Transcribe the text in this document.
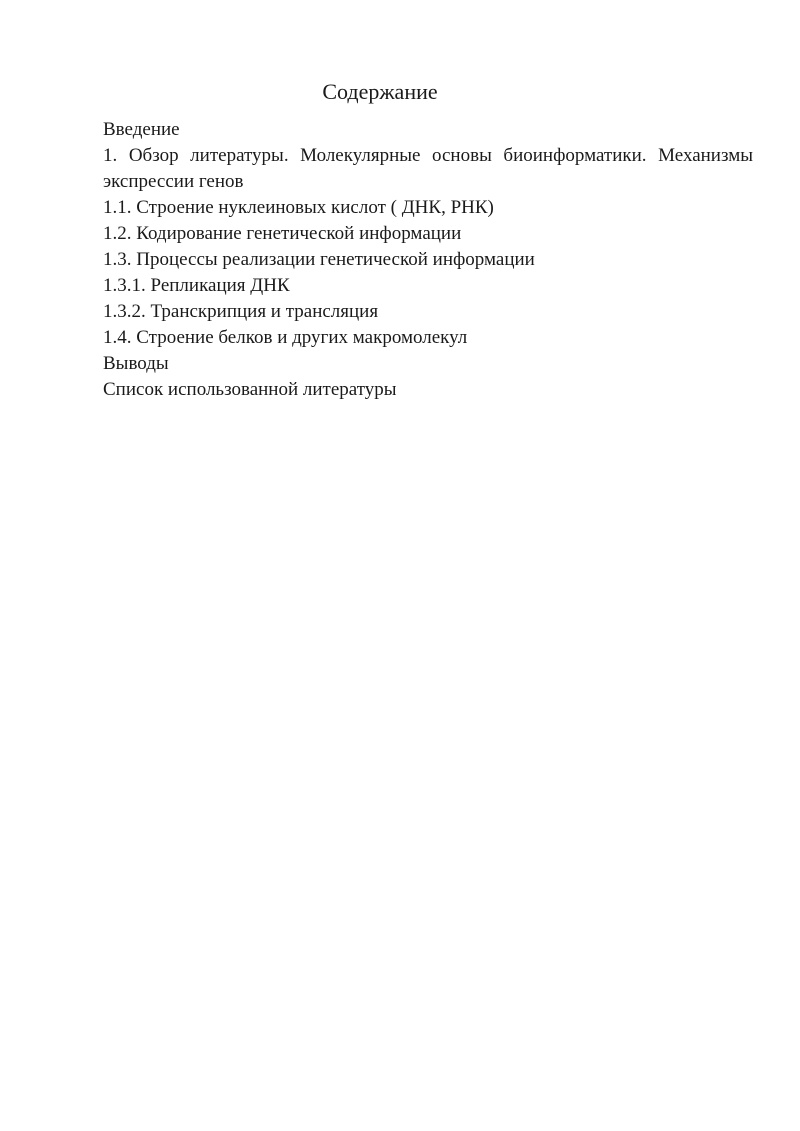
Содержание
Введение
1. Обзор литературы. Молекулярные основы биоинформатики. Механизмы экспрессии генов
1.1. Строение нуклеиновых кислот ( ДНК, РНК)
1.2. Кодирование генетической информации
1.3. Процессы реализации генетической информации
1.3.1. Репликация ДНК
1.3.2. Транскрипция и трансляция
1.4. Строение белков и других макромолекул
Выводы
Список использованной литературы
